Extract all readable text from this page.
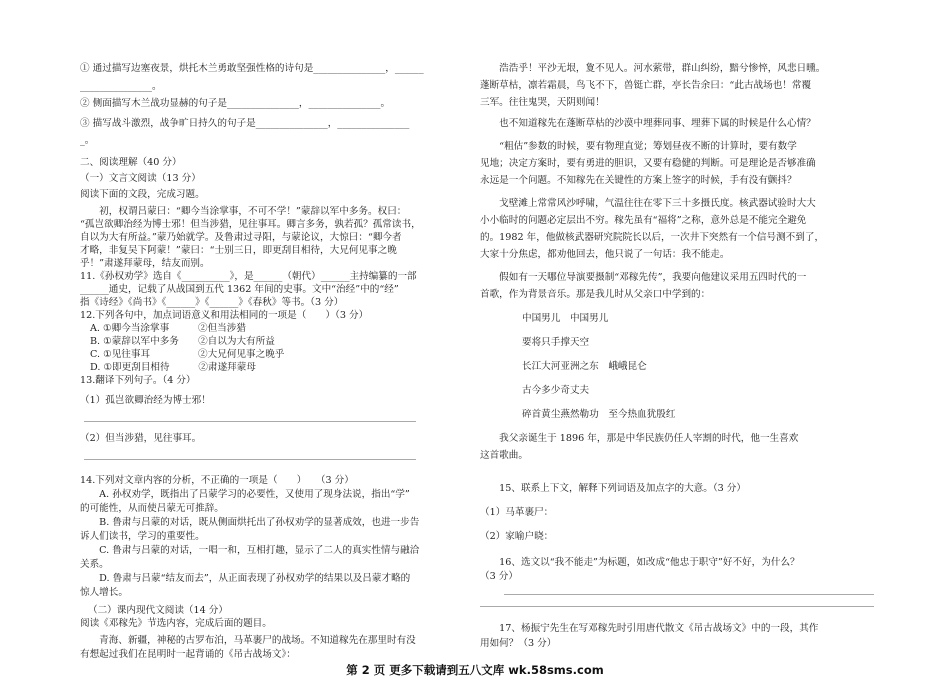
① 通过描写边塞夜景，烘托木兰勇敢坚强性格的诗句是_______________，______
_______________。
② 侧面描写木兰战功显赫的句子是_______________，_______________。
③ 描写战斗激烈，战争旷日持久的句子是_______________，_______________
_。
二、阅读理解（40 分）
（一）文言文阅读（13 分）
阅读下面的文段，完成习题。
　　初，权谓吕蒙曰：“卿今当涂掌事，不可不学！”蒙辞以军中多务。权曰：
“孤岂欲卿治经为博士邪！但当涉猎，见往事耳。卿言多务，孰若孤？孤常读书，
自以为大有所益。”蒙乃始就学。及鲁肃过寻阳，与蒙论议，大惊曰：“卿今者
才略，非复吴下阿蒙！”蒙曰：“士别三日，即更刮目相待，大兄何见事之晚
乎！”肃遂拜蒙母，结友而别。
11.《孙权劝学》选自《__________》，是______（朝代）______主持编纂的一部
______通史，记载了从战国到五代 1362 年间的史事。文中“治经”中的“经”
指《诗经》《尚书》《______》《______》《春秋》等书。（3 分）
12.下列各句中，加点词语意义和用法相同的一项是（　　）（3 分）
A. ①卿今当涂掌事　　　②但当涉猎
B. ①蒙辞以军中多务　　②自以为大有所益
C. ①见往事耳　　　　　②大兄何见事之晚乎
D. ①即更刮目相待　　　②肃遂拜蒙母
13.翻译下列句子。（4 分）
（1）孤岂欲卿治经为博士邪！
（2）但当涉猎，见往事耳。
14.下列对文章内容的分析，不正确的一项是（　　）　　（3 分）
　　A. 孙权劝学，既指出了吕蒙学习的必要性，又使用了现身法说，指出“学”
的可能性，从而使吕蒙无可推辞。
　　B. 鲁肃与吕蒙的对话，既从侧面烘托出了孙权劝学的显著成效，也进一步告
诉人们读书，学习的重要性。
　　C. 鲁肃与吕蒙的对话，一唱一和，互相打趣，显示了二人的真实性情与融洽
关系。
　　D. 鲁肃与吕蒙“结友而去”，从正面表现了孙权劝学的结果以及吕蒙才略的
惊人增长。
（二）课内现代文阅读（14 分）
阅读《邓稼先》节选内容，完成后面的题目。
　　青海、新疆，神秘的古罗布泊，马革裹尸的战场。不知道稼先在那里时有没
有想起过我们在昆明时一起背诵的《吊古战场文》：
　　浩浩乎！平沙无垠，夐不见人。河水萦带，群山纠纷，黯兮惨悴，风悲日曛。
蓬断草枯，凛若霜晨，鸟飞不下，兽铤亡群，亭长告余曰：“此古战场也！常覆
三军。往往鬼哭，天阴则闻！
　　也不知道稼先在蓬断草枯的沙漠中埋葬同事、埋葬下属的时候是什么心情？
　　“粗估”参数的时候，要有物理直觉；筹划昼夜不断的计算时，要有数学
见地；决定方案时，要有勇进的胆识，又要有稳健的判断。可是理论是否够准确
永远是一个问题。不知稼先在关键性的方案上签字的时候，手有没有颤抖？
　　戈壁滩上常常风沙呼啸，气温往往在零下三十多摄氏度。核武器试验时大大
小小临时的问题必定层出不穷。稼先虽有“福将”之称，意外总是不能完全避免
的。1982 年，他做核武器研究院院长以后，一次井下突然有一个信号测不到了，
大家十分焦虑，都劝他回去，他只说了一句话：我不能走。
　　假如有一天哪位导演要摄制“邓稼先传”，我要向他建议采用五四时代的一
首歌，作为背景音乐。那是我儿时从父亲口中学到的：
中国男儿　中国男儿
要将只手撑天空
长江大河亚洲之东　峨峨昆仑
古今多少奇丈夫
碎首黄尘燕然勒功　至今热血犹殷红
　　我父亲诞生于 1896 年，那是中华民族仍任人宰割的时代，他一生喜欢
这首歌曲。
　　15、联系上下文，解释下列词语及加点字的大意。（3 分）
（1）马革裹尸：
（2）家喻户晓：
　　16、选文以“我不能走”为标题，如改成“他忠于职守”好不好，为什么？
（3 分）
　　17、杨振宁先生在写邓稼先时引用唐代散文《吊古战场文》中的一段，其作
用如何？（3 分）
第 2 页 更多下载请到五八文库 wk.58sms.com
